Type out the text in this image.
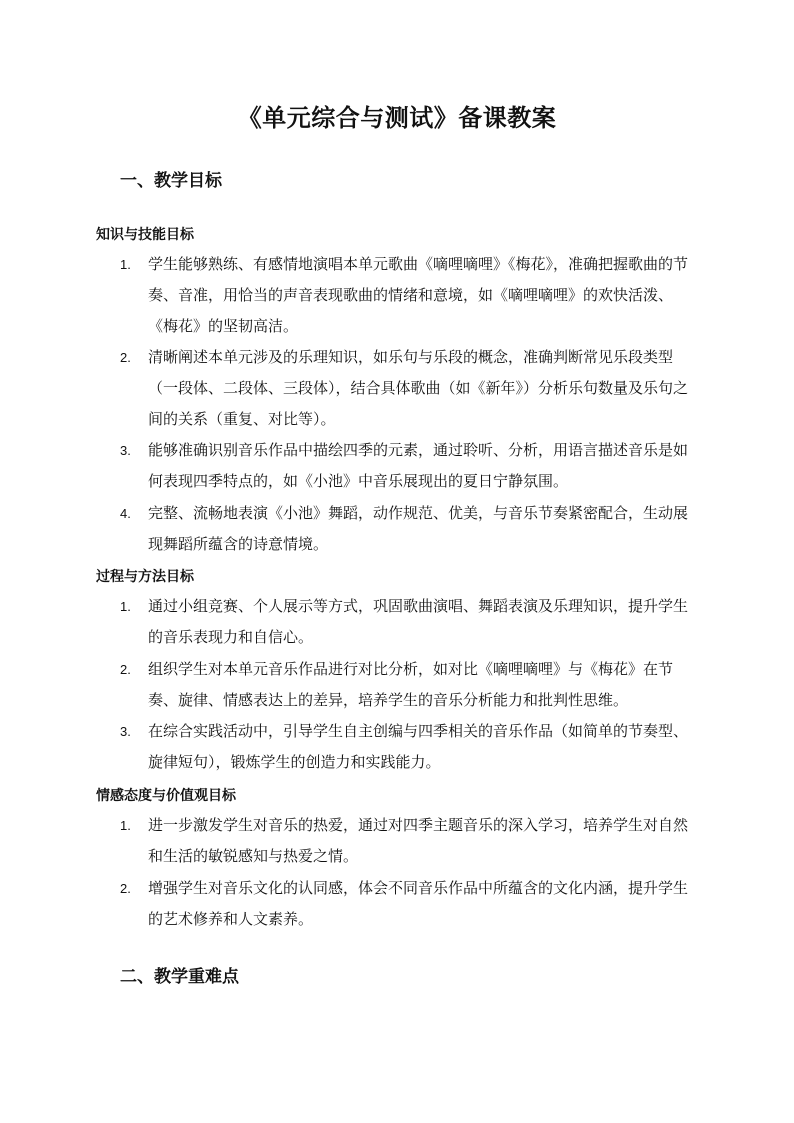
《单元综合与测试》备课教案
一、教学目标
知识与技能目标
1. 学生能够熟练、有感情地演唱本单元歌曲《嘀哩嘀哩》《梅花》，准确把握歌曲的节奏、音准，用恰当的声音表现歌曲的情绪和意境，如《嘀哩嘀哩》的欢快活泼、《梅花》的坚韧高洁。
2. 清晰阐述本单元涉及的乐理知识，如乐句与乐段的概念，准确判断常见乐段类型（一段体、二段体、三段体），结合具体歌曲（如《新年》）分析乐句数量及乐句之间的关系（重复、对比等）。
3. 能够准确识别音乐作品中描绘四季的元素，通过聆听、分析，用语言描述音乐是如何表现四季特点的，如《小池》中音乐展现出的夏日宁静氛围。
4. 完整、流畅地表演《小池》舞蹈，动作规范、优美，与音乐节奏紧密配合，生动展现舞蹈所蕴含的诗意情境。
过程与方法目标
1. 通过小组竞赛、个人展示等方式，巩固歌曲演唱、舞蹈表演及乐理知识，提升学生的音乐表现力和自信心。
2. 组织学生对本单元音乐作品进行对比分析，如对比《嘀哩嘀哩》与《梅花》在节奏、旋律、情感表达上的差异，培养学生的音乐分析能力和批判性思维。
3. 在综合实践活动中，引导学生自主创编与四季相关的音乐作品（如简单的节奏型、旋律短句），锻炼学生的创造力和实践能力。
情感态度与价值观目标
1. 进一步激发学生对音乐的热爱，通过对四季主题音乐的深入学习，培养学生对自然和生活的敏锐感知与热爱之情。
2. 增强学生对音乐文化的认同感，体会不同音乐作品中所蕴含的文化内涵，提升学生的艺术修养和人文素养。
二、教学重难点
